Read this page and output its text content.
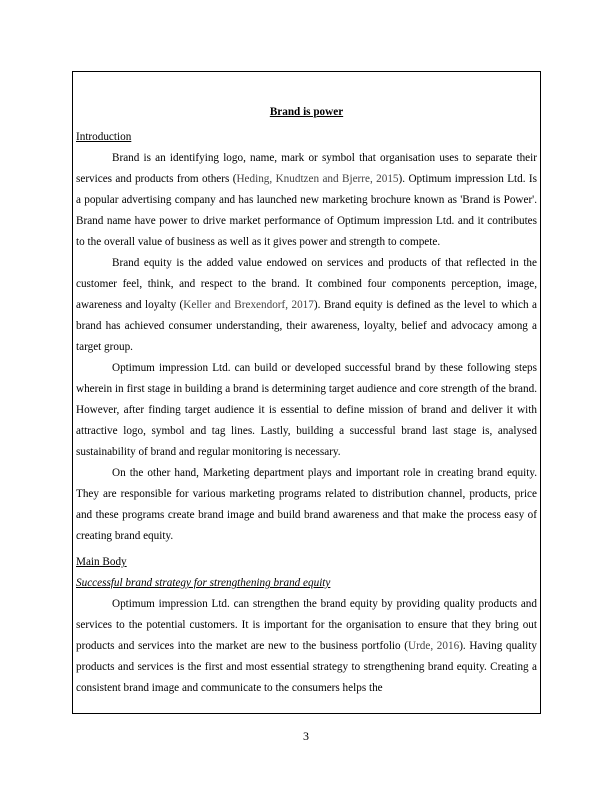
Brand is power
Introduction

Brand is an identifying logo, name, mark or symbol that organisation uses to separate their services and products from others (Heding, Knudtzen and Bjerre, 2015). Optimum impression Ltd. Is a popular advertising company and has launched new marketing brochure known as 'Brand is Power'. Brand name have power to drive market performance of Optimum impression Ltd. and it contributes to the overall value of business as well as it gives power and strength to compete.

Brand equity is the added value endowed on services and products of that reflected in the customer feel, think, and respect to the brand. It combined four components perception, image, awareness and loyalty (Keller and Brexendorf, 2017). Brand equity is defined as the level to which a brand has achieved consumer understanding, their awareness, loyalty, belief and advocacy among a target group.

Optimum impression Ltd. can build or developed successful brand by these following steps wherein in first stage in building a brand is determining target audience and core strength of the brand. However, after finding target audience it is essential to define mission of brand and deliver it with attractive logo, symbol and tag lines. Lastly, building a successful brand last stage is, analysed sustainability of brand and regular monitoring is necessary.

On the other hand, Marketing department plays and important role in creating brand equity. They are responsible for various marketing programs related to distribution channel, products, price and these programs create brand image and build brand awareness and that make the process easy of creating brand equity.

Main Body
Successful brand strategy for strengthening brand equity

Optimum impression Ltd. can strengthen the brand equity by providing quality products and services to the potential customers. It is important for the organisation to ensure that they bring out products and services into the market are new to the business portfolio (Urde, 2016). Having quality products and services is the first and most essential strategy to strengthening brand equity. Creating a consistent brand image and communicate to the consumers helps the

3
